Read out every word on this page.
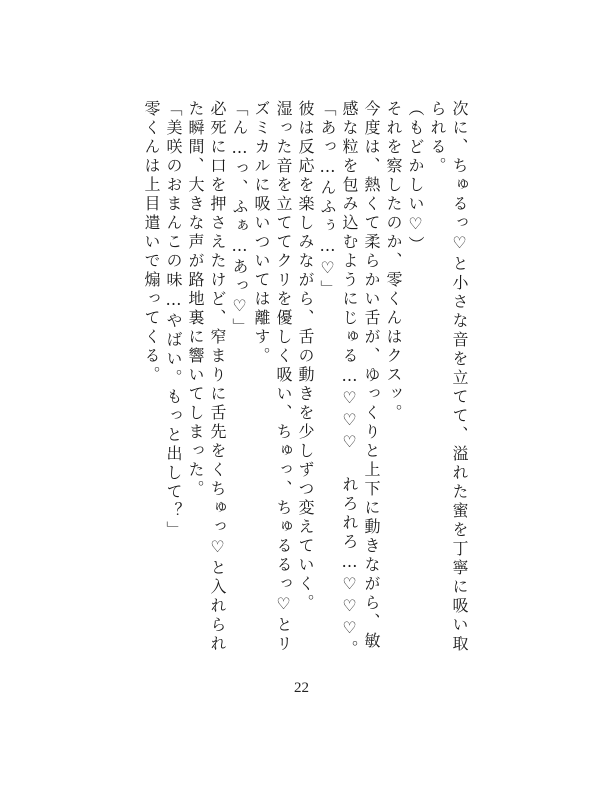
次に、ちゅるっ♡と小さな音を立てて、溢れた蜜を丁寧に吸い取られる。

（もどかしい♡）

それを察したのか、零くんはクスッ。

今度は、熱くて柔らかい舌が、ゆっくりと上下に動きながら、敏感な粒を包み込むようにじゅる…♡♡♡ れろれろ…♡♡♡。

「あっ…んふぅ…♡」

彼は反応を楽しみながら、舌の動きを少しずつ変えていく。

湿った音を立ててクリを優しく吸い、ちゅっ、ちゅるるっ♡とリズミカルに吸いついては離す。

「ん…っ、ふぁ…あっ♡」

必死に口を押さえたけど、窄まりに舌先をくちゅっ♡と入れられた瞬間、大きな声が路地裏に響いてしまった。

「美咲のおまんこの味…やばい。もっと出して？」

零くんは上目遣いで煽ってくる。

22
